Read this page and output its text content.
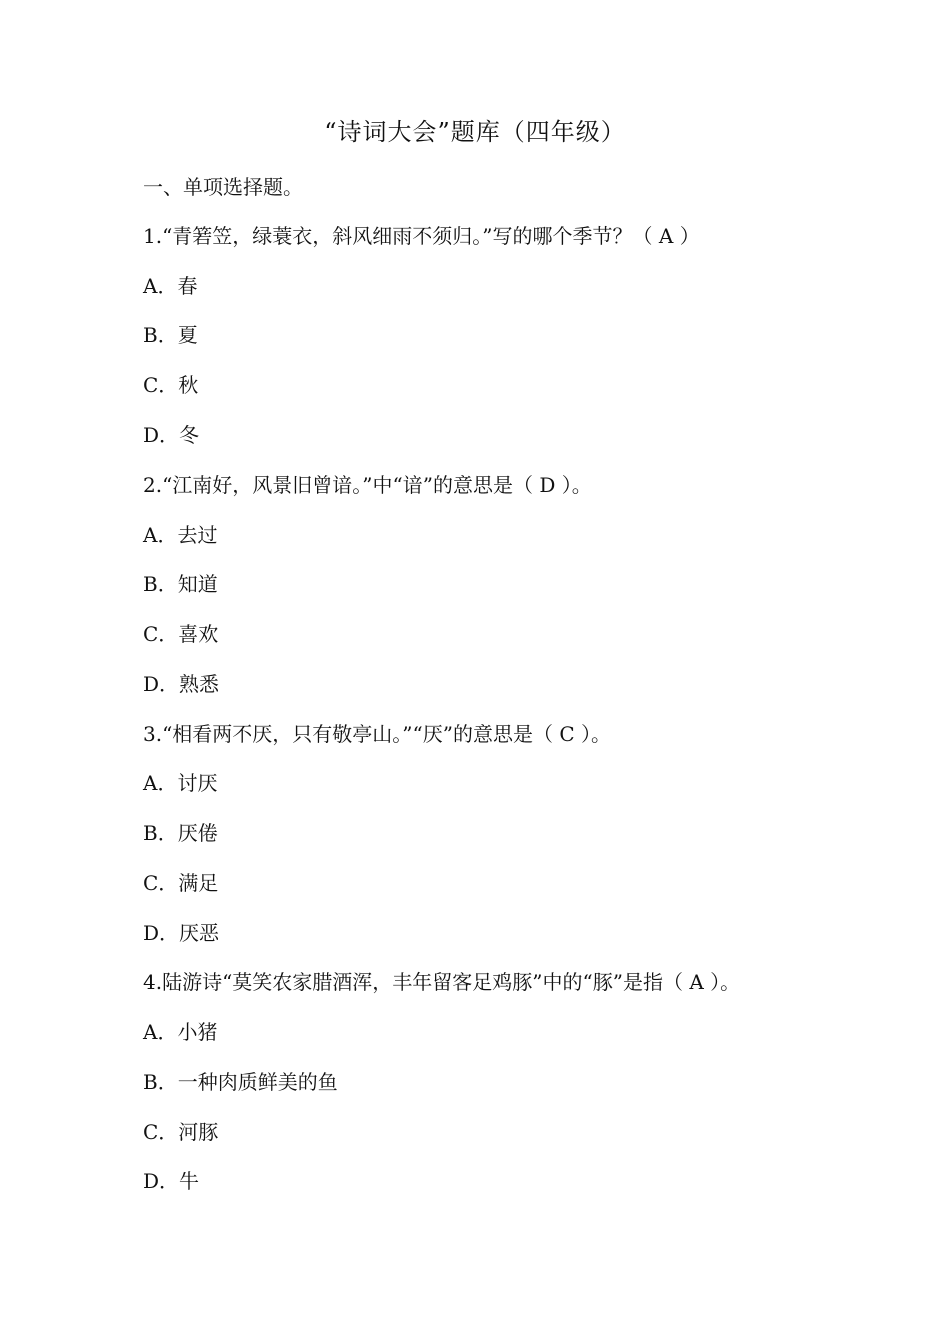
“诗词大会”题库（四年级）
一、单项选择题。
1.“青箬笠，绿蓑衣，斜风细雨不须归。”写的哪个季节？（ A ）
A．春
B．夏
C．秋
D．冬
2.“江南好，风景旧曾谙。”中“谙”的意思是（ D ）。
A．去过
B．知道
C．喜欢
D．熟悉
3.“相看两不厌，只有敬亭山。”“厌”的意思是（ C ）。
A．讨厌
B．厌倦
C．满足
D．厌恶
4.陆游诗“莫笑农家腊酒浑，丰年留客足鸡豚”中的“豚”是指（ A ）。
A．小猪
B．一种肉质鲜美的鱼
C．河豚
D．牛
